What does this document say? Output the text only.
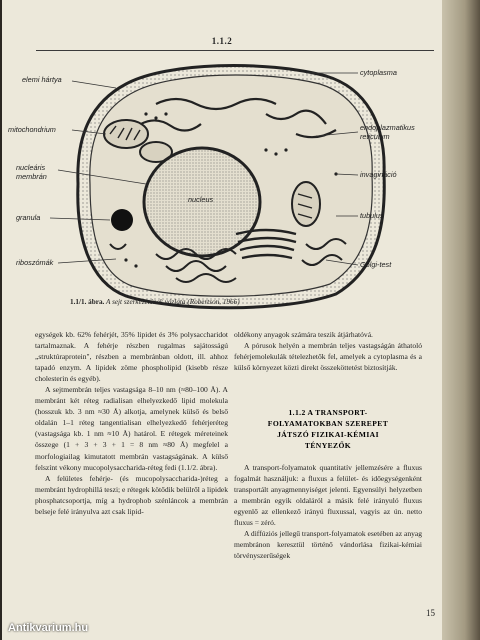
1.1.2
nucleus
elemi hártya
mitochondrium
nucleáris
membrán
granula
riboszómák
cytoplasma
endoplazmatikus
reticulum
invagináció
tubulus
Golgi-test
1.1/1. ábra. A sejt szerkezetének vázlata (Robertson, 1966)

egységek kb. 62% fehérjét, 35% lipidet és 3% polysaccharidot tartalmaznak. A fehérje részben rugalmas sajátosságú „struktúraprotein", részben a membránban oldott, ill. ahhoz tapadó enzym. A lipidek zöme phospholipid (kisebb része cholesterin és egyéb).

A sejtmembrán teljes vastagsága 8–10 nm (≈80–100 Å). A membránt két réteg radialisan elhelyezkedő lipid molekula (hosszuk kb. 3 nm ≈30 Å) alkotja, amelynek külső és belső oldalán 1–1 réteg tangentialisan elhelyezkedő fehérjeréteg (vastagsága kb. 1 nm ≈10 Å) határol. E rétegek méreteinek összege (1 + 3 + 3 + 1 = 8 nm ≈80 Å) megfelel a morfologiailag kimutatott membrán vastagságának. A külső felszínt vékony mucopolysaccharida-réteg fedi (1.1/2. ábra).

A felületes fehérje- (és mucopolysaccharida-)réteg a membránt hydrophillá teszi; e rétegek kötődik belülről a lipidek phosphatcsoportja, míg a hydrophob szénláncok a membrán belseje felé irányulva azt csak lipid-

oldékony anyagok számára teszik átjárhatóvá.

A pórusok helyén a membrán teljes vastagságán áthatoló fehérjemolekulák tételezhetők fel, amelyek a cytoplasma és a külső környezet közti direkt összeköttetést biztosítják.

1.1.2 A TRANSPORT-
FOLYAMATOKBAN SZEREPET
JÁTSZÓ FIZIKAI-KÉMIAI
TÉNYEZŐK

A transport-folyamatok quantitatív jellemzésére a fluxus fogalmát használjuk: a fluxus a felület- és időegységenként transportált anyagmennyiséget jelenti. Egyensúlyi helyzetben a membrán egyik oldaláról a másik felé irányuló fluxus egyenlő az ellenkező irányú fluxussal, vagyis az ún. netto fluxus = zéró.

A diffúziós jellegű transport-folyamatok esetében az anyag membránon keresztül történő vándorlása fizikai-kémiai törvényszerűségek

15
Antikvarium.hu
